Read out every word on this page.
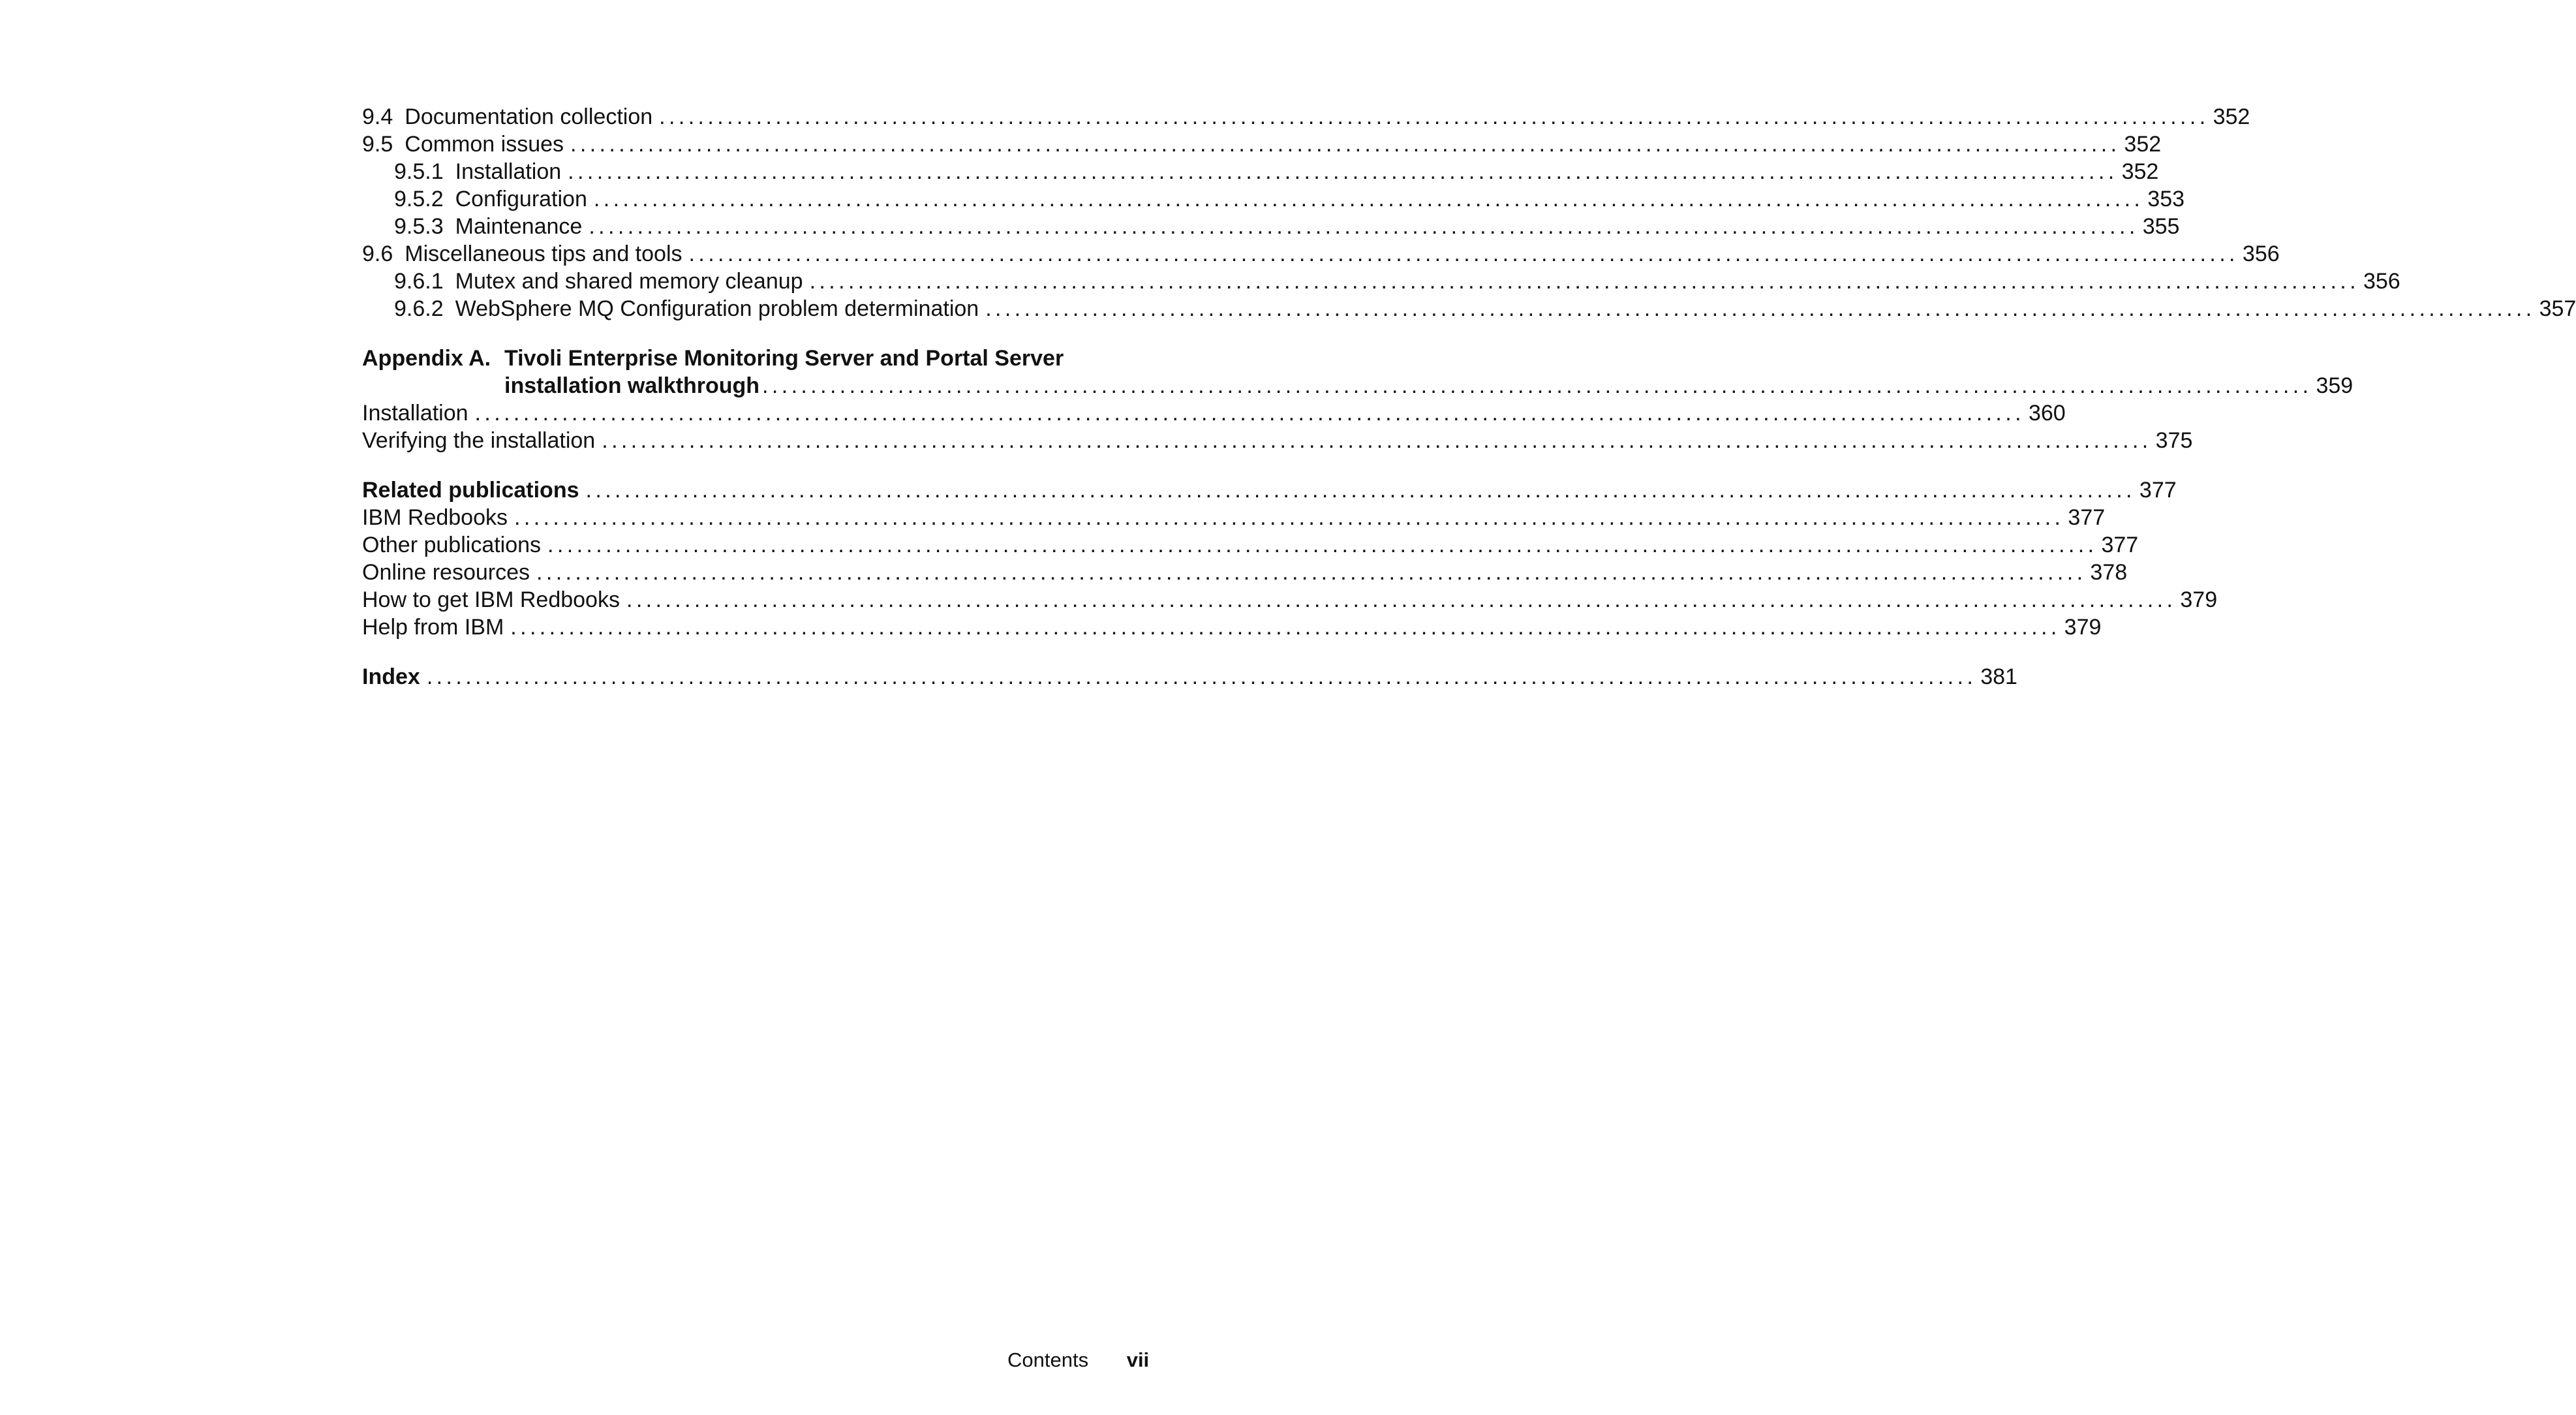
9.4 Documentation collection ................................................................................................................................................................ 352
9.5 Common issues ................................................................................................................................................................ 352
9.5.1 Installation ................................................................................................................................................................ 352
9.5.2 Configuration ................................................................................................................................................................ 353
9.5.3 Maintenance ................................................................................................................................................................ 355
9.6 Miscellaneous tips and tools ................................................................................................................................................................ 356
9.6.1 Mutex and shared memory cleanup ................................................................................................................................................................ 356
9.6.2 WebSphere MQ Configuration problem determination ................................................................................................................................................................ 357
Appendix A. Tivoli Enterprise Monitoring Server and Portal Server
installation walkthrough ................................................................................................................................................................ 359
Installation ................................................................................................................................................................ 360
Verifying the installation ................................................................................................................................................................ 375
Related publications ................................................................................................................................................................ 377
IBM Redbooks ................................................................................................................................................................ 377
Other publications ................................................................................................................................................................ 377
Online resources ................................................................................................................................................................ 378
How to get IBM Redbooks ................................................................................................................................................................ 379
Help from IBM ................................................................................................................................................................ 379
Index ................................................................................................................................................................ 381
Contents vii
